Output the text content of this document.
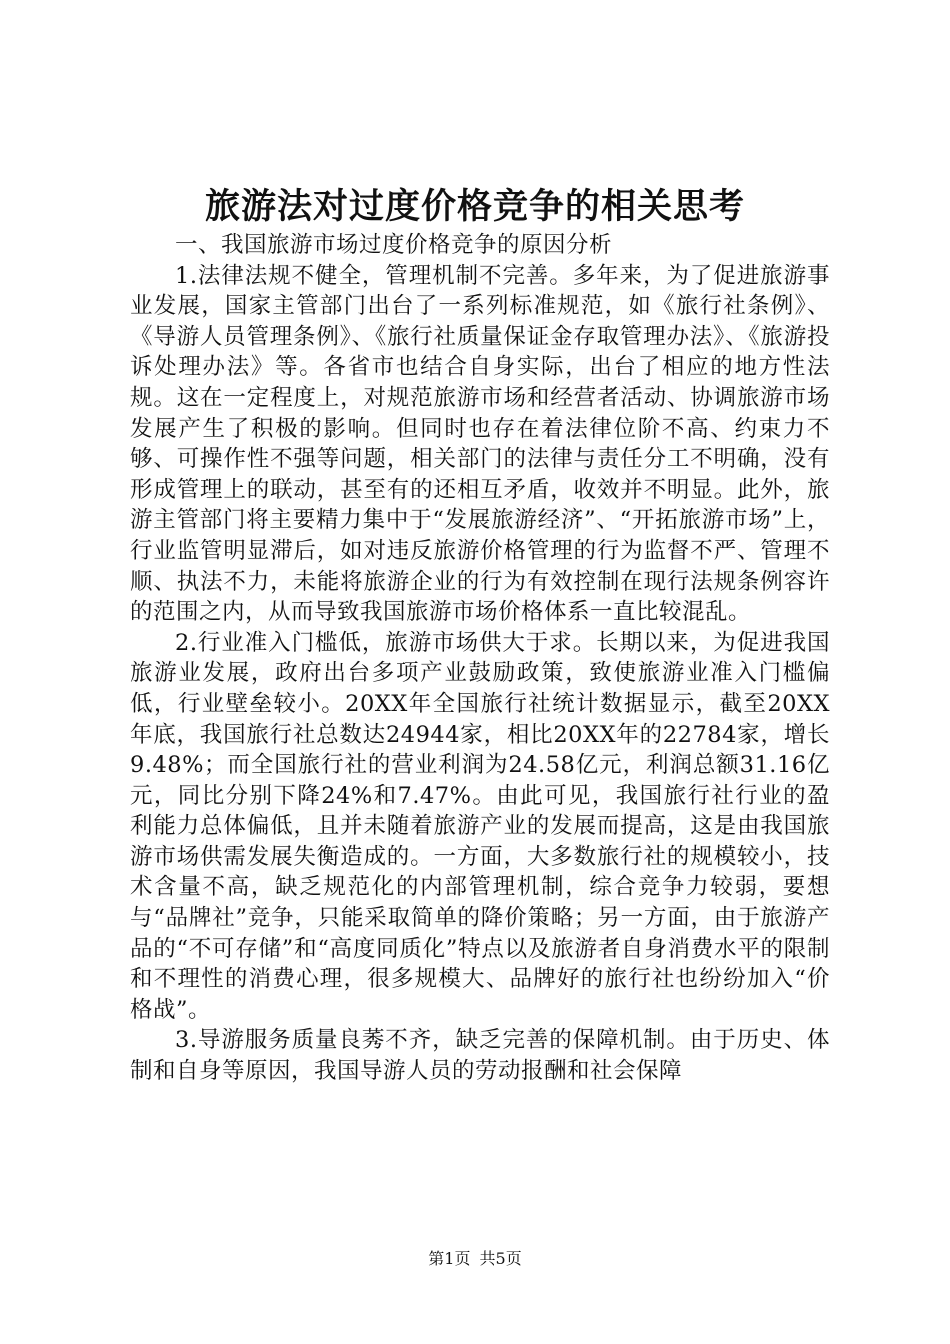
旅游法对过度价格竞争的相关思考

一、我国旅游市场过度价格竞争的原因分析

1.法律法规不健全，管理机制不完善。多年来，为了促进旅游事业发展，国家主管部门出台了一系列标准规范，如《旅行社条例》、《导游人员管理条例》、《旅行社质量保证金存取管理办法》、《旅游投诉处理办法》等。各省市也结合自身实际，出台了相应的地方性法规。这在一定程度上，对规范旅游市场和经营者活动、协调旅游市场发展产生了积极的影响。但同时也存在着法律位阶不高、约束力不够、可操作性不强等问题，相关部门的法律与责任分工不明确，没有形成管理上的联动，甚至有的还相互矛盾，收效并不明显。此外，旅游主管部门将主要精力集中于“发展旅游经济”、“开拓旅游市场”上，行业监管明显滞后，如对违反旅游价格管理的行为监督不严、管理不顺、执法不力，未能将旅游企业的行为有效控制在现行法规条例容许的范围之内，从而导致我国旅游市场价格体系一直比较混乱。

2.行业准入门槛低，旅游市场供大于求。长期以来，为促进我国旅游业发展，政府出台多项产业鼓励政策，致使旅游业准入门槛偏低，行业壁垒较小。20XX年全国旅行社统计数据显示，截至20XX年底，我国旅行社总数达24944家，相比20XX年的22784家，增长9.48%；而全国旅行社的营业利润为24.58亿元，利润总额31.16亿元，同比分别下降24%和7.47%。由此可见，我国旅行社行业的盈利能力总体偏低，且并未随着旅游产业的发展而提高，这是由我国旅游市场供需发展失衡造成的。一方面，大多数旅行社的规模较小，技术含量不高，缺乏规范化的内部管理机制，综合竞争力较弱，要想与“品牌社”竞争，只能采取简单的降价策略；另一方面，由于旅游产品的“不可存储”和“高度同质化”特点以及旅游者自身消费水平的限制和不理性的消费心理，很多规模大、品牌好的旅行社也纷纷加入“价格战”。

3.导游服务质量良莠不齐，缺乏完善的保障机制。由于历史、体制和自身等原因，我国导游人员的劳动报酬和社会保障

第1页 共5页
